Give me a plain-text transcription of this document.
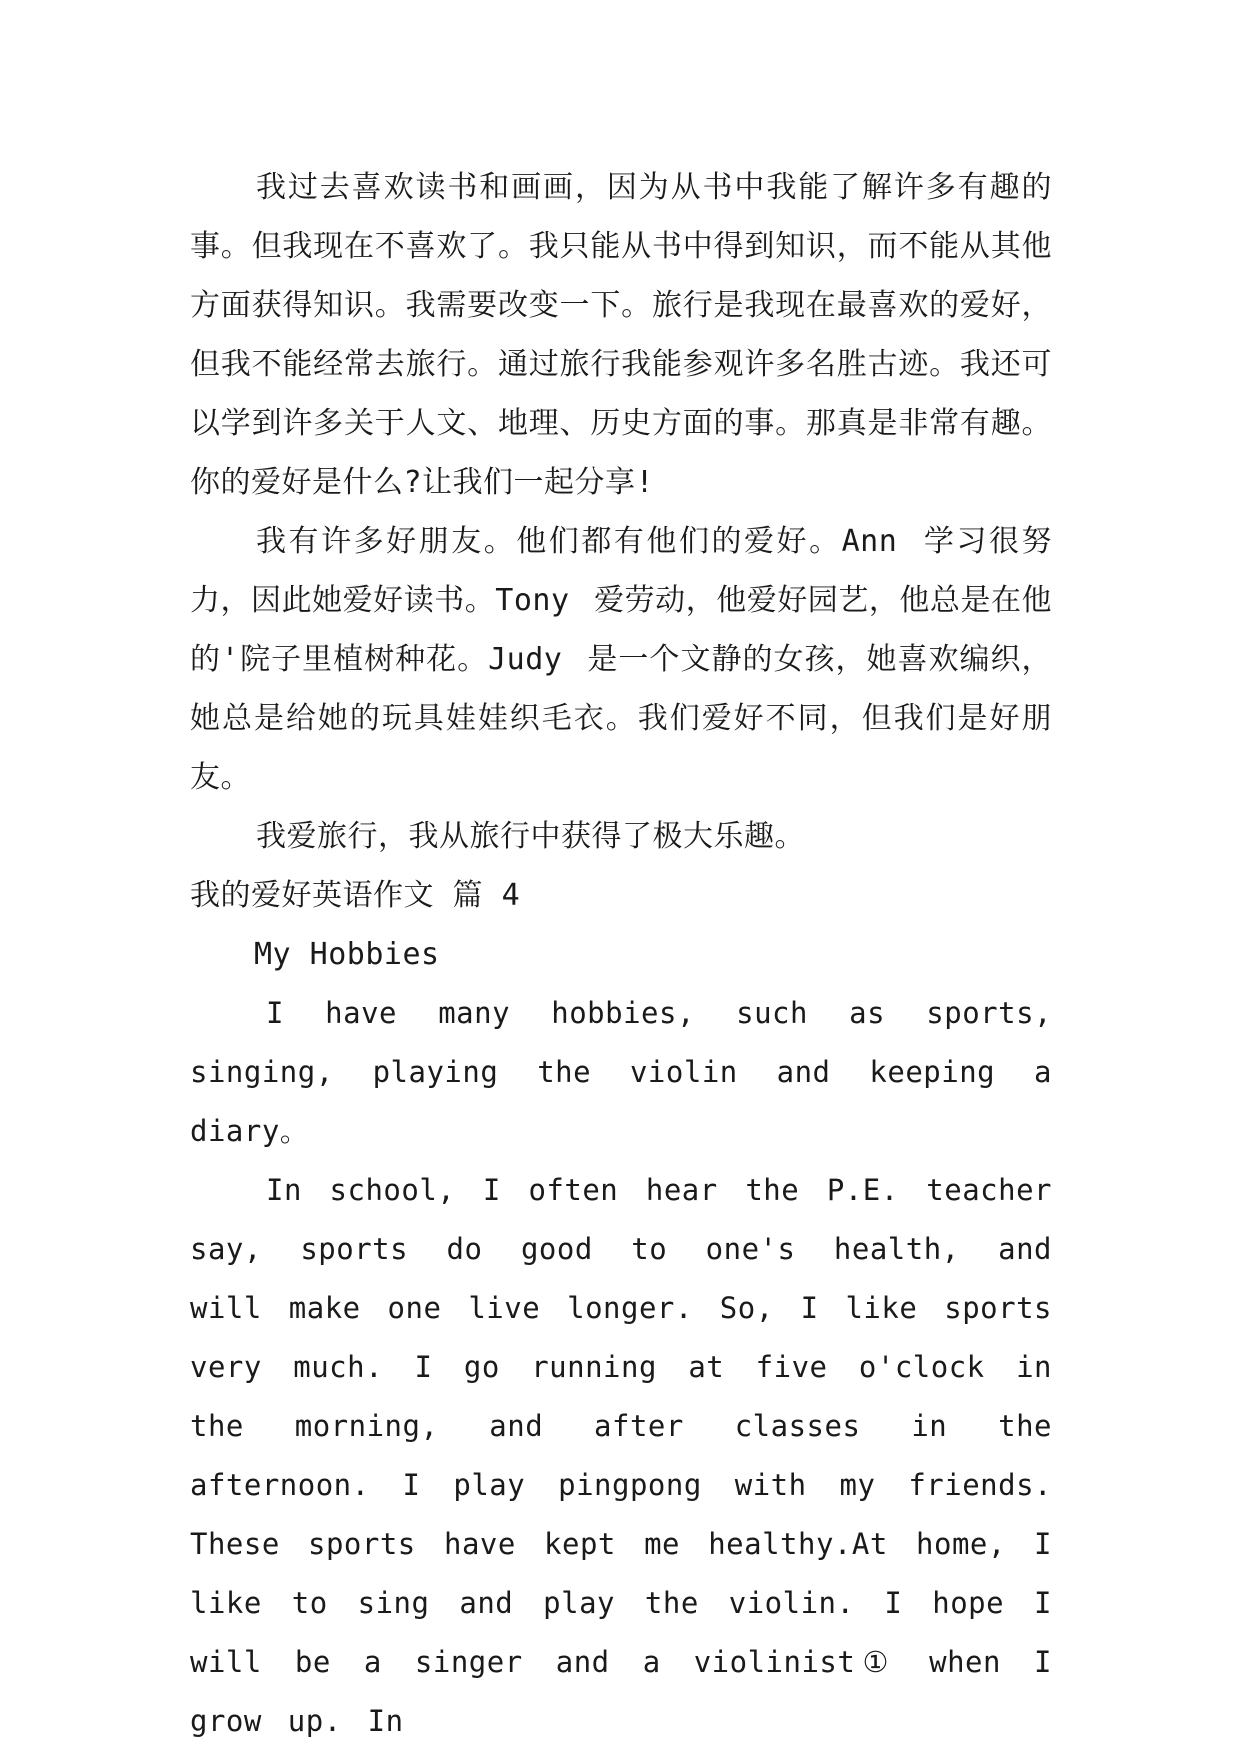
我过去喜欢读书和画画，因为从书中我能了解许多有趣的事。但我现在不喜欢了。我只能从书中得到知识，而不能从其他方面获得知识。我需要改变一下。旅行是我现在最喜欢的爱好，但我不能经常去旅行。通过旅行我能参观许多名胜古迹。我还可以学到许多关于人文、地理、历史方面的事。那真是非常有趣。你的爱好是什么?让我们一起分享!

我有许多好朋友。他们都有他们的爱好。Ann 学习很努力，因此她爱好读书。Tony 爱劳动，他爱好园艺，他总是在他的'院子里植树种花。Judy 是一个文静的女孩，她喜欢编织，她总是给她的玩具娃娃织毛衣。我们爱好不同，但我们是好朋友。

我爱旅行，我从旅行中获得了极大乐趣。

我的爱好英语作文 篇 4

My Hobbies

I have many hobbies, such as sports, singing, playing the violin and keeping a diary。

In school, I often hear the P.E. teacher say, sports do good to one's health, and will make one live longer. So, I like sports very much. I go running at five o'clock in the morning, and after classes in the afternoon. I play pingpong with my friends. These sports have kept me healthy.At home, I like to sing and play the violin. I hope I will be a singer and a violinist① when I grow up. In
